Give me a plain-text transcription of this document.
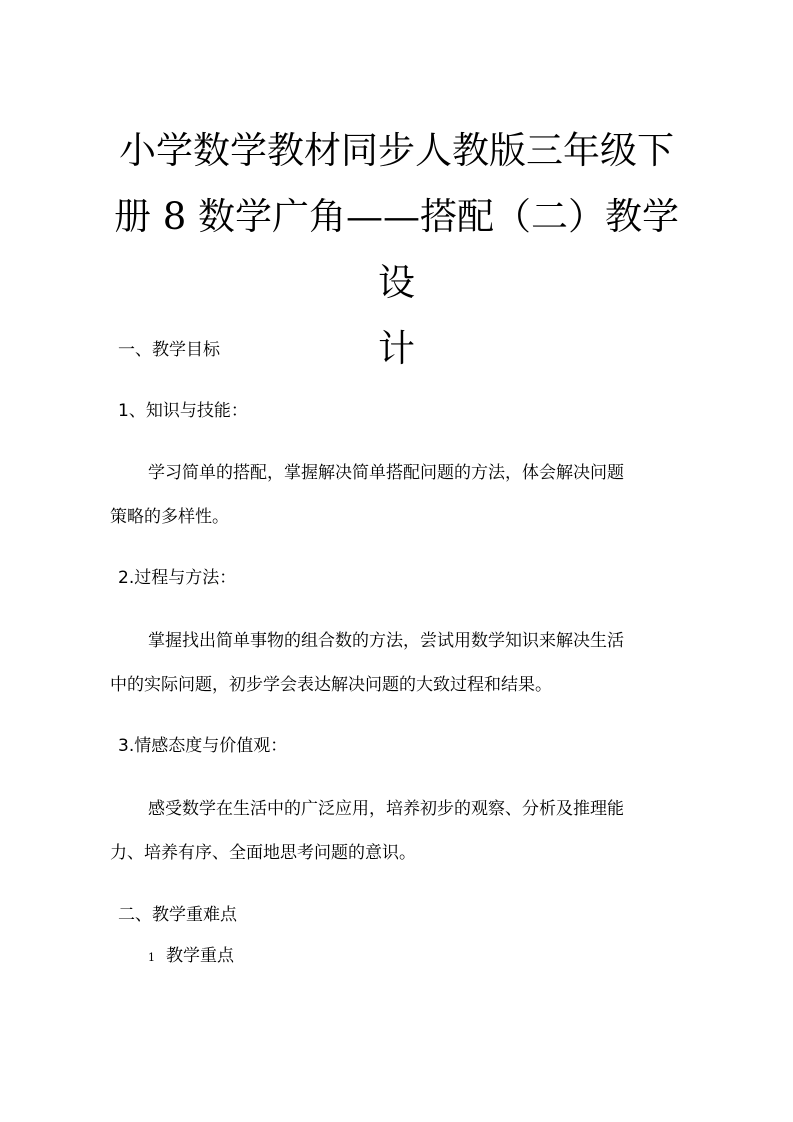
小学数学教材同步人教版三年级下
册 8 数学广角——搭配（二）教学设
计

一、教学目标

1、知识与技能：

学习简单的搭配，掌握解决简单搭配问题的方法，体会解决问题
策略的多样性。

2.过程与方法：

掌握找出简单事物的组合数的方法，尝试用数学知识来解决生活
中的实际问题，初步学会表达解决问题的大致过程和结果。

3.情感态度与价值观：

感受数学在生活中的广泛应用，培养初步的观察、分析及推理能
力、培养有序、全面地思考问题的意识。

二、教学重难点

1 教学重点
